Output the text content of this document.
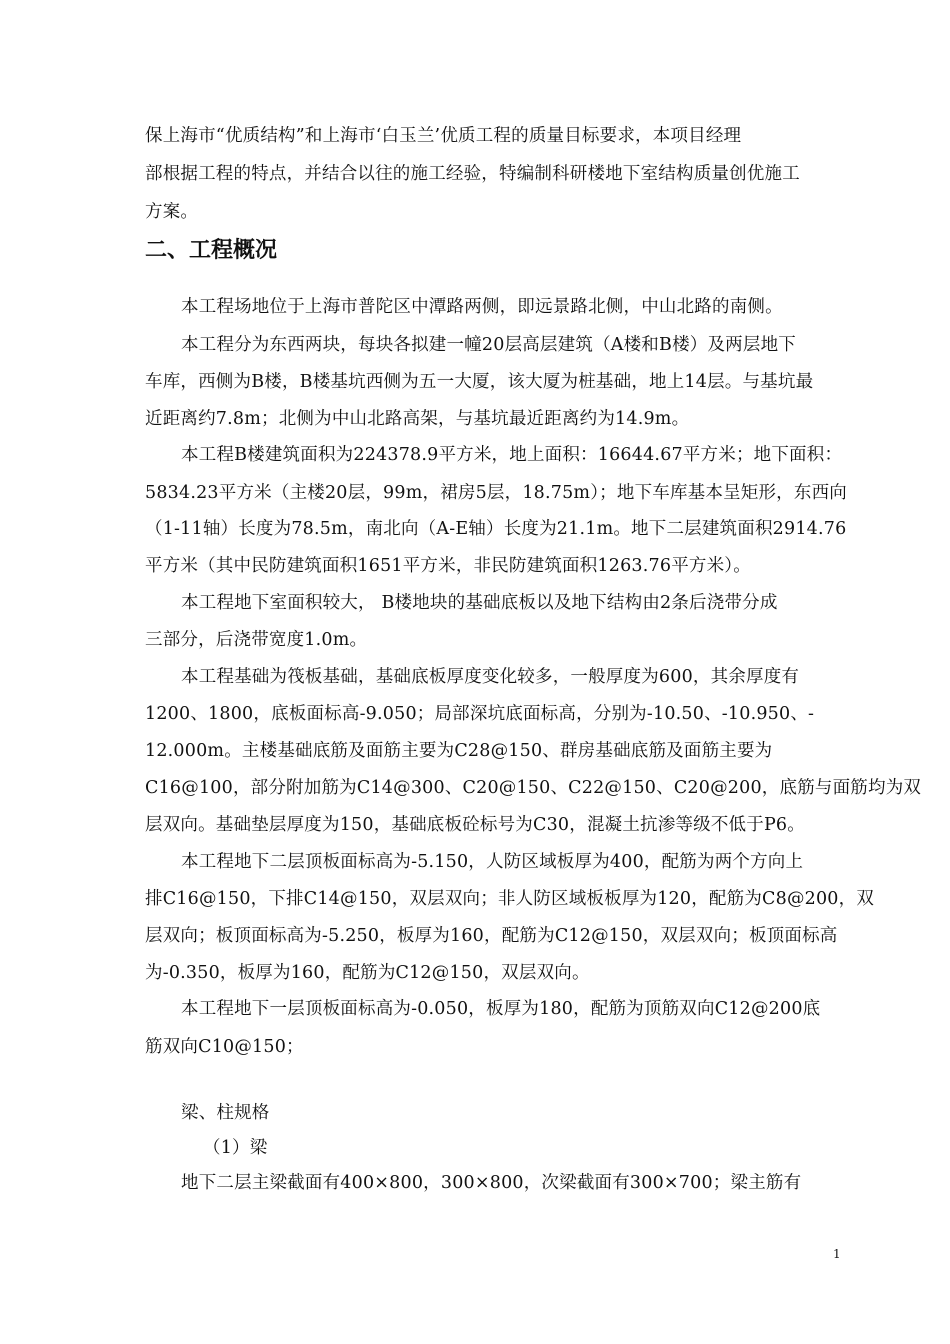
保上海市“优质结构”和上海市‘白玉兰’优质工程的质量目标要求，本项目经理
部根据工程的特点，并结合以往的施工经验，特编制科研楼地下室结构质量创优施工
方案。
二、工程概况
本工程场地位于上海市普陀区中潭路两侧，即远景路北侧，中山北路的南侧。
本工程分为东西两块，每块各拟建一幢20层高层建筑（A楼和B楼）及两层地下
车库，西侧为B楼，B楼基坑西侧为五一大厦，该大厦为桩基础，地上14层。与基坑最
近距离约7.8m；北侧为中山北路高架，与基坑最近距离约为14.9m。
本工程B楼建筑面积为224378.9平方米，地上面积：16644.67平方米；地下面积：
5834.23平方米（主楼20层，99m，裙房5层，18.75m）；地下车库基本呈矩形，东西向
（1-11轴）长度为78.5m，南北向（A-E轴）长度为21.1m。地下二层建筑面积2914.76
平方米（其中民防建筑面积1651平方米，非民防建筑面积1263.76平方米）。
本工程地下室面积较大， B楼地块的基础底板以及地下结构由2条后浇带分成
三部分，后浇带宽度1.0m。
本工程基础为筏板基础，基础底板厚度变化较多，一般厚度为600，其余厚度有
1200、1800，底板面标高-9.050；局部深坑底面标高，分别为-10.50、-10.950、-
12.000m。主楼基础底筋及面筋主要为C28@150、群房基础底筋及面筋主要为
C16@100，部分附加筋为C14@300、C20@150、C22@150、C20@200，底筋与面筋均为双
层双向。基础垫层厚度为150，基础底板砼标号为C30，混凝土抗渗等级不低于P6。
本工程地下二层顶板面标高为-5.150，人防区域板厚为400，配筋为两个方向上
排C16@150，下排C14@150，双层双向；非人防区域板板厚为120，配筋为C8@200，双
层双向；板顶面标高为-5.250，板厚为160，配筋为C12@150，双层双向；板顶面标高
为-0.350，板厚为160，配筋为C12@150，双层双向。
本工程地下一层顶板面标高为-0.050，板厚为180，配筋为顶筋双向C12@200底
筋双向C10@150；
梁、柱规格
（1）梁
地下二层主梁截面有400×800，300×800，次梁截面有300×700；梁主筋有
1
